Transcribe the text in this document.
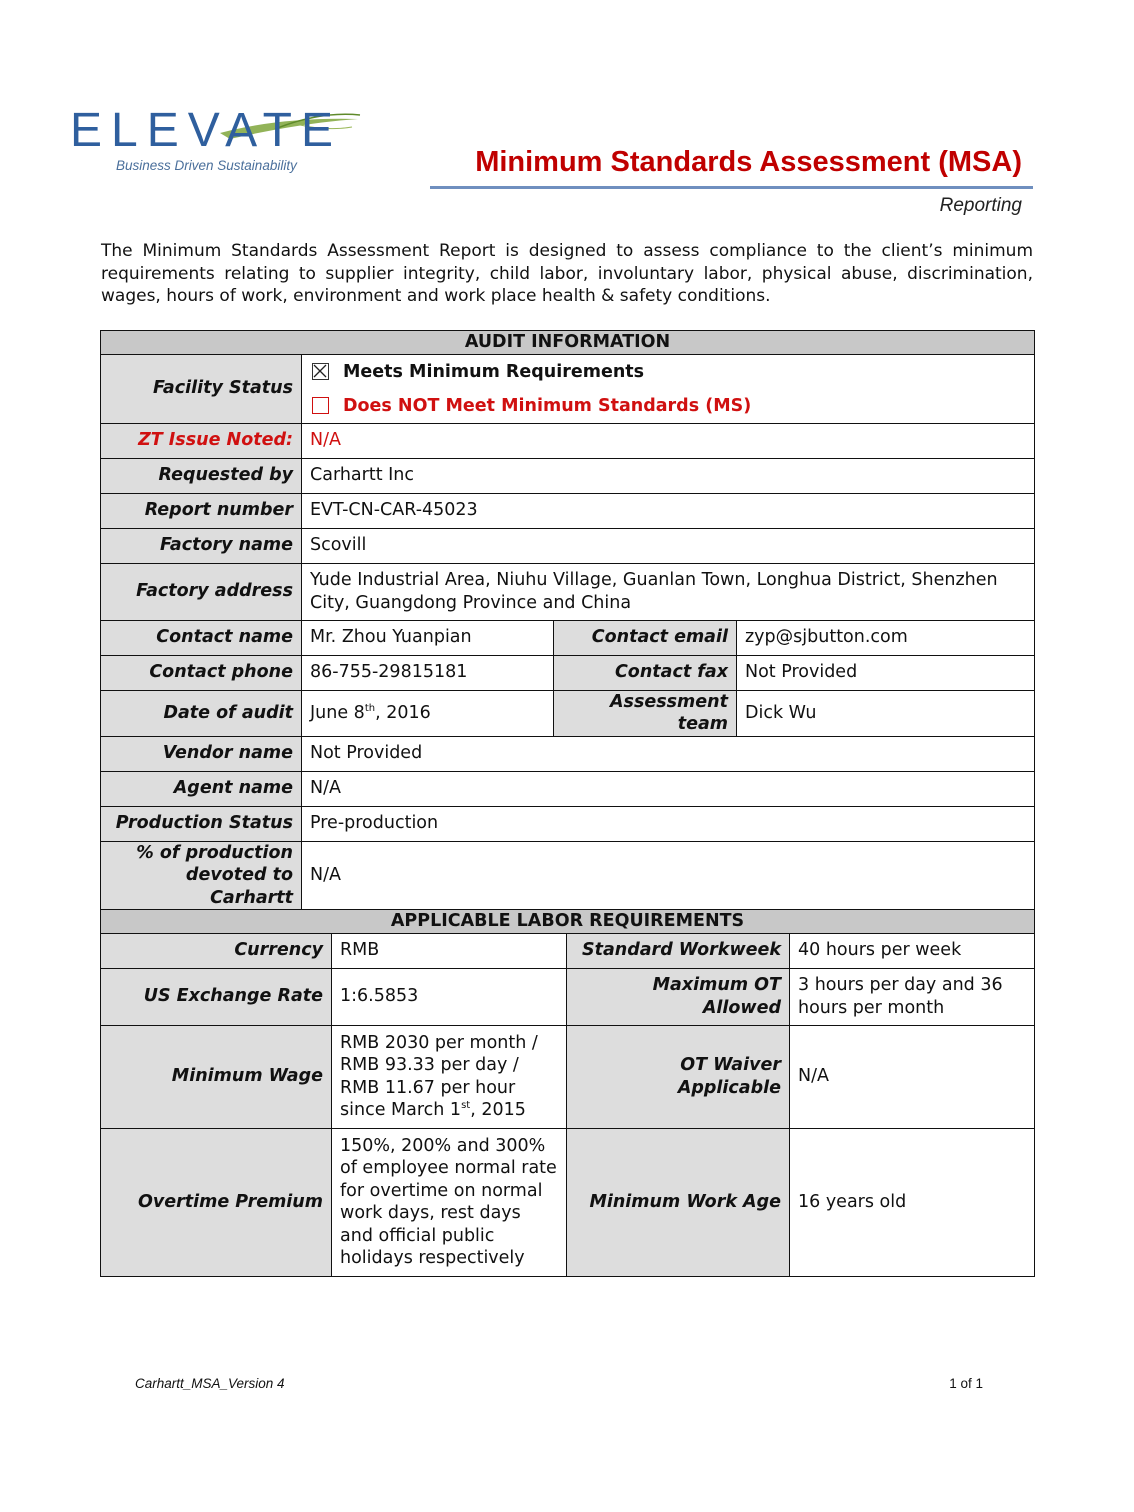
ELEVATE
Business Driven Sustainability	Minimum Standards Assessment (MSA)
Reporting

The Minimum Standards Assessment Report is designed to assess compliance to the client’s minimum requirements relating to supplier integrity, child labor, involuntary labor, physical abuse, discrimination, wages, hours of work, environment and work place health & safety conditions.

AUDIT INFORMATION			
Facility Status	Meets Minimum Requirements
Does NOT Meet Minimum Standards (MS)		

ZT Issue Noted:	N/A		
Requested by	Carhartt Inc		
Report number	EVT-CN-CAR-45023		
Factory name	Scovill		
Factory address	Yude Industrial Area, Niuhu Village, Guanlan Town, Longhua District, Shenzhen City, Guangdong Province and China		
Contact name	Mr. Zhou Yuanpian	Contact email	zyp@sjbutton.com
Contact phone	86-755-29815181	Contact fax	Not Provided
Date of audit	June 8th, 2016	Assessment team	Dick Wu
Vendor name	Not Provided		
Agent name	N/A		
Production Status	Pre-production		
% of production
devoted to Carhartt	N/A		
APPLICABLE LABOR REQUIREMENTS			
Currency	RMB	Standard Workweek	40 hours per week
US Exchange Rate	1:6.5853	Maximum OT Allowed	3 hours per day and 36 hours per month
Minimum Wage	RMB 2030 per month /
RMB 93.33 per day /
RMB 11.67 per hour
since March 1st, 2015	OT Waiver Applicable	N/A
Overtime Premium	150%, 200% and 300% of employee normal rate for overtime on normal work days, rest days and official public holidays respectively	Minimum Work Age	16 years old
Carhartt_MSA_Version 4	1 of 1
